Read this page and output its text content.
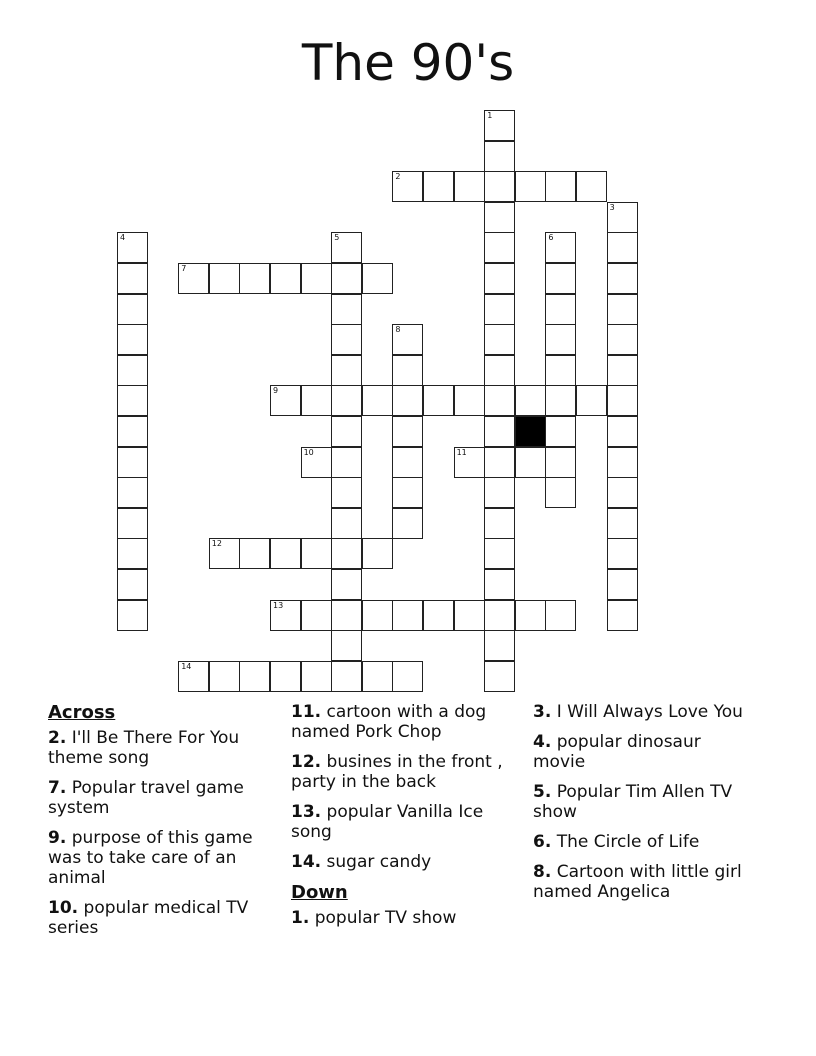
The 90's
1
2
3
4	5	6
7
8
9
10	11
12
13
14
Across
2. I'll Be There For You theme song
7. Popular travel game system
9. purpose of this game was to take care of an animal
10. popular medical TV series
11. cartoon with a dog named Pork Chop
12. busines in the front , party in the back
13. popular Vanilla Ice song
14. sugar candy
Down
1. popular TV show
3. I Will Always Love You
4. popular dinosaur movie
5. Popular Tim Allen TV show
6. The Circle of Life
8. Cartoon with little girl named Angelica
